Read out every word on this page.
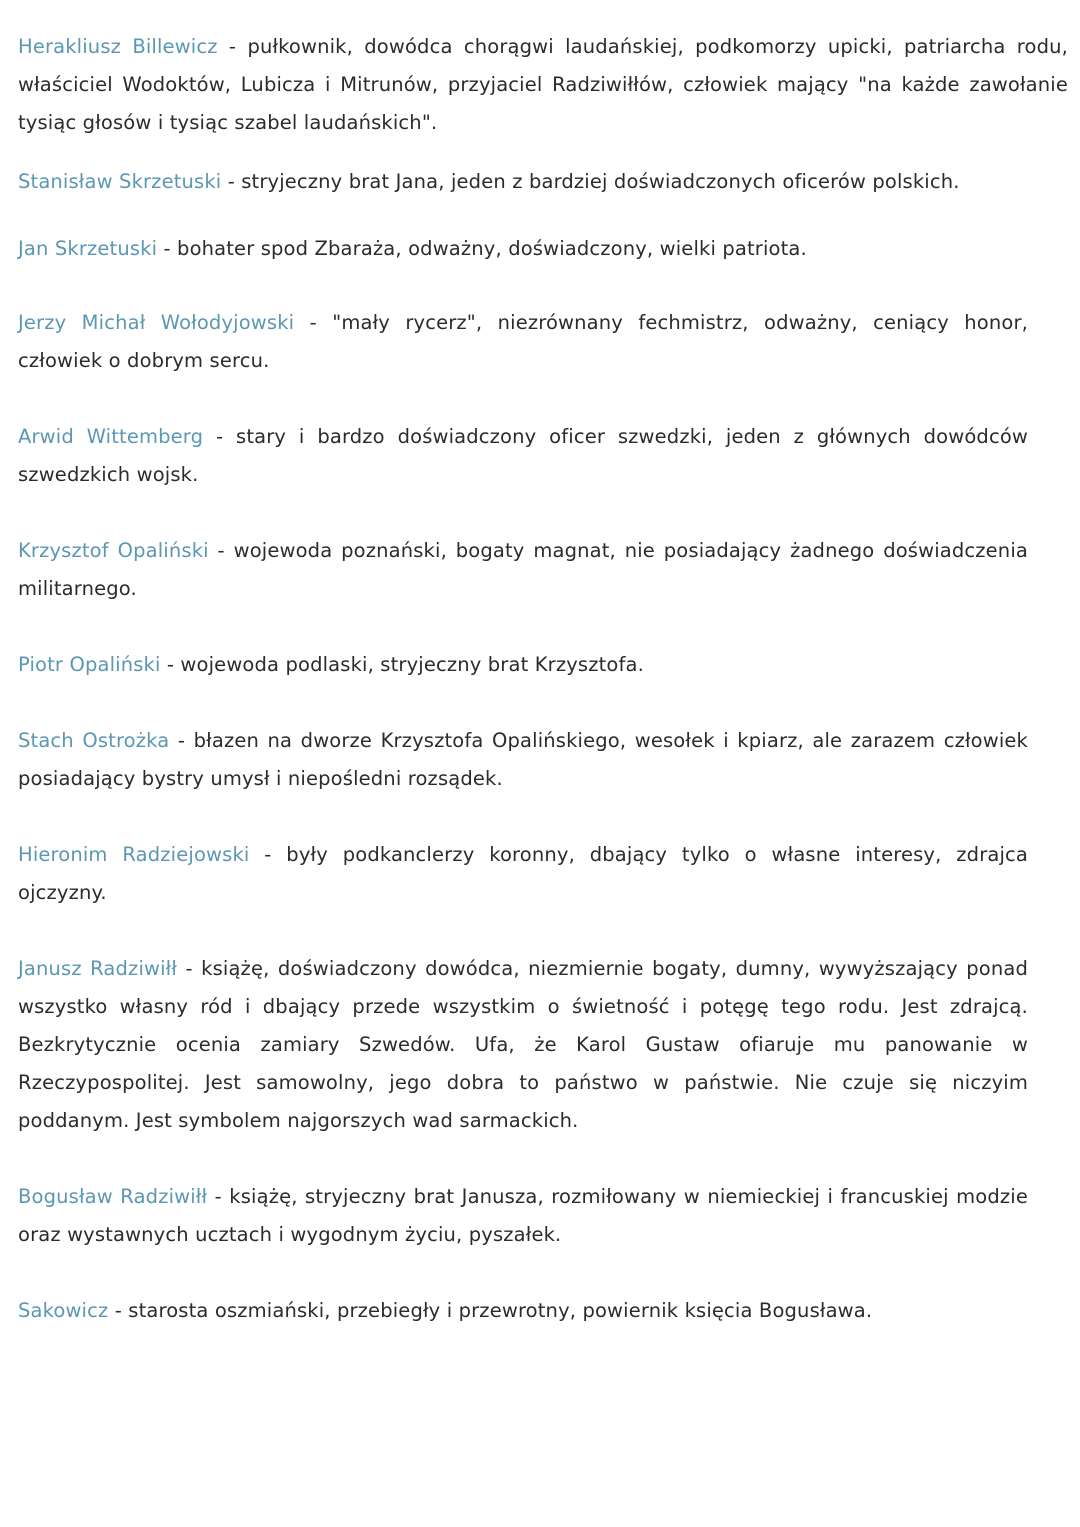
Herakliusz Billewicz - pułkownik, dowódca chorągwi laudańskiej, podkomorzy upicki, patriarcha rodu, właściciel Wodoktów, Lubicza i Mitrunów, przyjaciel Radziwiłłów, człowiek mający "na każde zawołanie tysiąc głosów i tysiąc szabel laudańskich".

Stanisław Skrzetuski - stryjeczny brat Jana, jeden z bardziej doświadczonych oficerów polskich.

Jan Skrzetuski - bohater spod Zbaraża, odważny, doświadczony, wielki patriota.

Jerzy Michał Wołodyjowski - "mały rycerz", niezrównany fechmistrz, odważny, ceniący honor, człowiek o dobrym sercu.

Arwid Wittemberg - stary i bardzo doświadczony oficer szwedzki, jeden z głównych dowódców szwedzkich wojsk.

Krzysztof Opaliński - wojewoda poznański, bogaty magnat, nie posiadający żadnego doświadczenia militarnego.

Piotr Opaliński - wojewoda podlaski, stryjeczny brat Krzysztofa.

Stach Ostrożka - błazen na dworze Krzysztofa Opalińskiego, wesołek i kpiarz, ale zarazem człowiek posiadający bystry umysł i niepośledni rozsądek.

Hieronim Radziejowski - były podkanclerzy koronny, dbający tylko o własne interesy, zdrajca ojczyzny.

Janusz Radziwiłł - książę, doświadczony dowódca, niezmiernie bogaty, dumny, wywyższający ponad wszystko własny ród i dbający przede wszystkim o świetność i potęgę tego rodu. Jest zdrajcą. Bezkrytycznie ocenia zamiary Szwedów. Ufa, że Karol Gustaw ofiaruje mu panowanie w Rzeczypospolitej. Jest samowolny, jego dobra to państwo w państwie. Nie czuje się niczyim poddanym. Jest symbolem najgorszych wad sarmackich.

Bogusław Radziwiłł - książę, stryjeczny brat Janusza, rozmiłowany w niemieckiej i francuskiej modzie oraz wystawnych ucztach i wygodnym życiu, pyszałek.

Sakowicz - starosta oszmiański, przebiegły i przewrotny, powiernik księcia Bogusława.
